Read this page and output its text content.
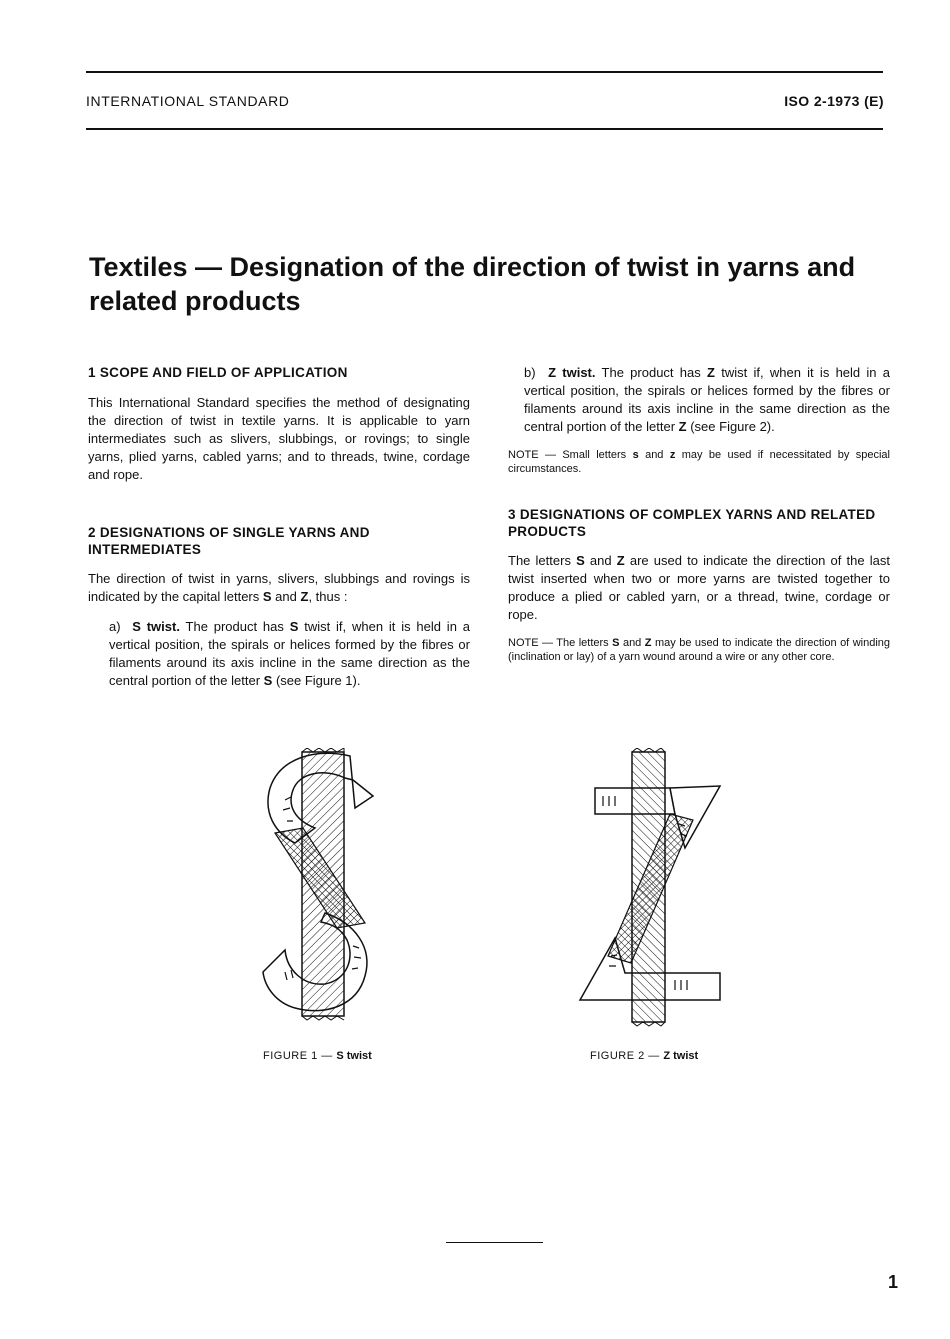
INTERNATIONAL STANDARD	ISO 2-1973 (E)
Textiles — Designation of the direction of twist in yarns and related products
1 SCOPE AND FIELD OF APPLICATION

This International Standard specifies the method of designating the direction of twist in textile yarns. It is applicable to yarn intermediates such as slivers, slubbings, or rovings; to single yarns, plied yarns, cabled yarns; and to threads, twine, cordage and rope.

2 DESIGNATIONS OF SINGLE YARNS AND INTERMEDIATES

The direction of twist in yarns, slivers, slubbings and rovings is indicated by the capital letters S and Z, thus :

a) S twist. The product has S twist if, when it is held in a vertical position, the spirals or helices formed by the fibres or filaments around its axis incline in the same direction as the central portion of the letter S (see Figure 1).

b) Z twist. The product has Z twist if, when it is held in a vertical position, the spirals or helices formed by the fibres or filaments around its axis incline in the same direction as the central portion of the letter Z (see Figure 2).

NOTE — Small letters s and z may be used if necessitated by special circumstances.

3 DESIGNATIONS OF COMPLEX YARNS AND RELATED PRODUCTS

The letters S and Z are used to indicate the direction of the last twist inserted when two or more yarns are twisted together to produce a plied or cabled yarn, or a thread, twine, cordage or rope.

NOTE — The letters S and Z may be used to indicate the direction of winding (inclination or lay) of a yarn wound around a wire or any other core.

FIGURE 1 — S twist	FIGURE 2 — Z twist
1
